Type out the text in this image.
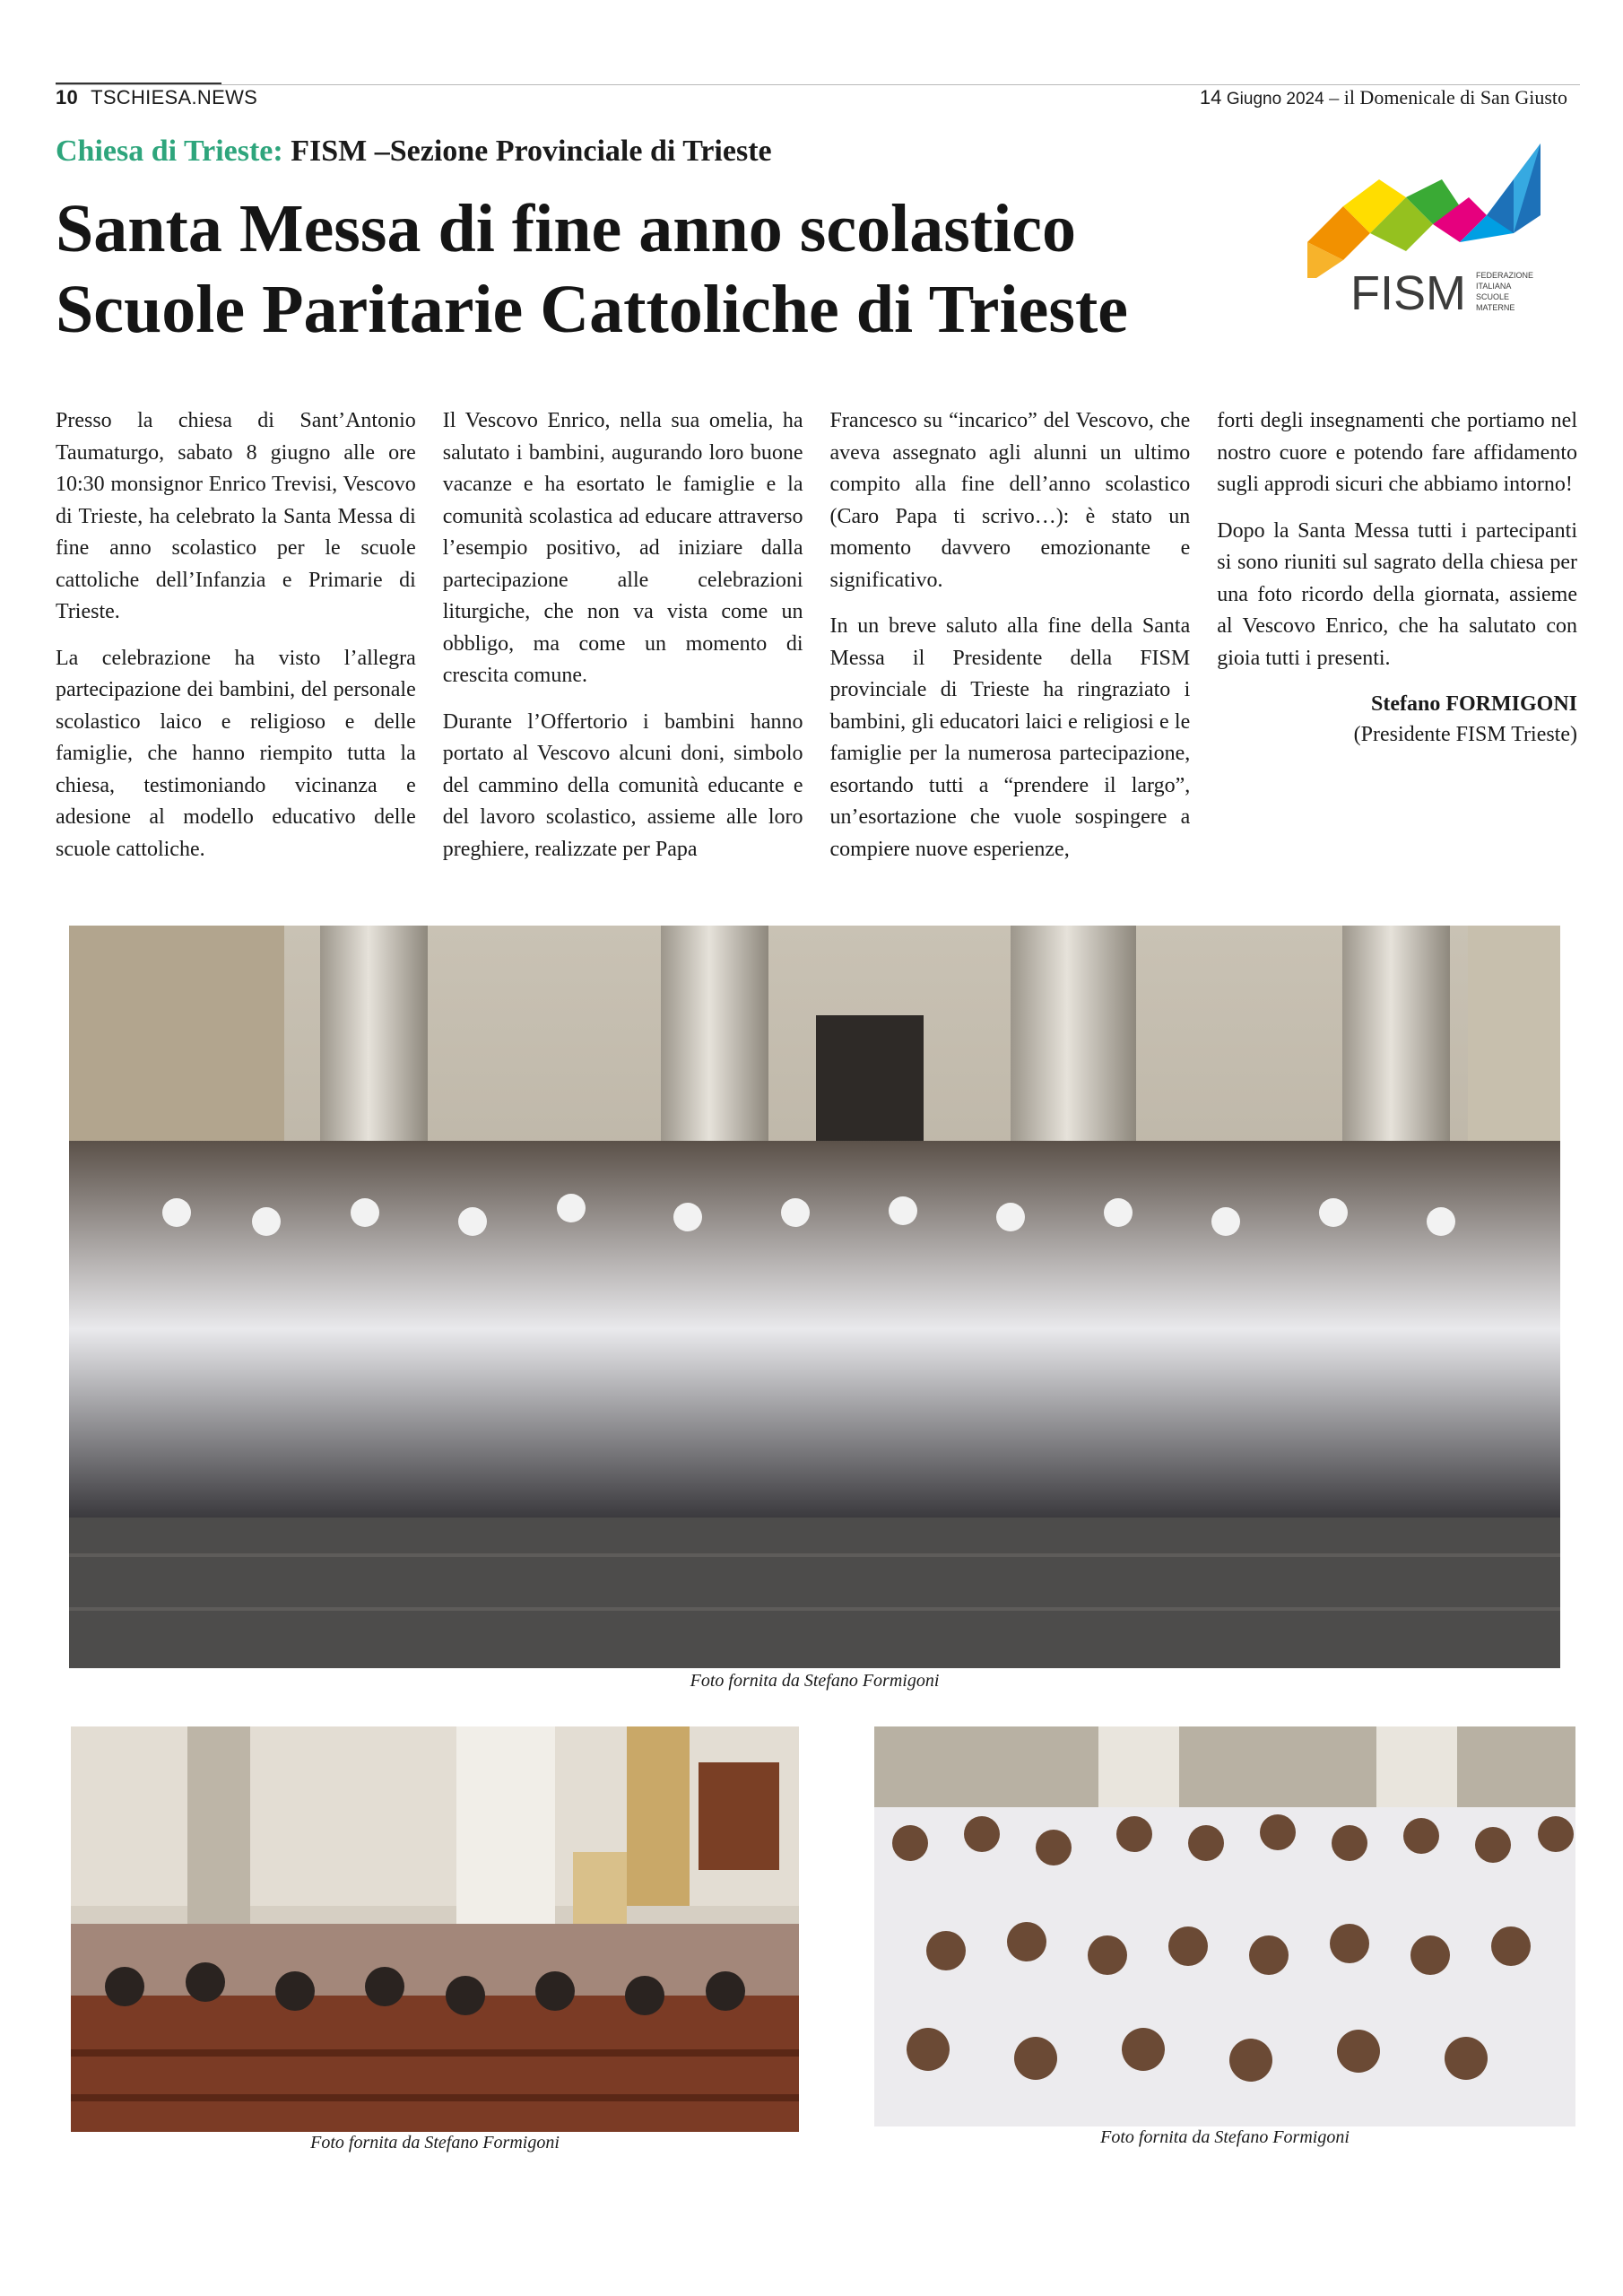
10 TSCHIESA.NEWS	14 Giugno 2024 – il Domenicale di San Giusto
Chiesa di Trieste: FISM –Sezione Provinciale di Trieste
Santa Messa di fine anno scolastico
Scuole Paritarie Cattoliche di Trieste	FISM FEDERAZIONE
ITALIANA
SCUOLE
MATERNE

Presso la chiesa di Sant’Antonio Taumaturgo, sabato 8 giugno alle ore 10:30 monsignor Enrico Trevisi, Vescovo di Trieste, ha celebrato la Santa Messa di fine anno scolastico per le scuole cattoliche dell’Infanzia e Primarie di Trieste.

La celebrazione ha visto l’allegra partecipazione dei bambini, del personale scolastico laico e religioso e delle famiglie, che hanno riempito tutta la chiesa, testimoniando vicinanza e adesione al modello educativo delle scuole cattoliche.

Il Vescovo Enrico, nella sua omelia, ha salutato i bambini, augurando loro buone vacanze e ha esortato le famiglie e la comunità scolastica ad educare attraverso l’esempio positivo, ad iniziare dalla partecipazione alle celebrazioni liturgiche, che non va vista come un obbligo, ma come un momento di crescita comune.

Durante l’Offertorio i bambini hanno portato al Vescovo alcuni doni, simbolo del cammino della comunità educante e del lavoro scolastico, assieme alle loro preghiere, realizzate per Papa

Francesco su “incarico” del Vescovo, che aveva assegnato agli alunni un ultimo compito alla fine dell’anno scolastico (Caro Papa ti scrivo…): è stato un momento davvero emozionante e significativo.

In un breve saluto alla fine della Santa Messa il Presidente della FISM provinciale di Trieste ha ringraziato i bambini, gli educatori laici e religiosi e le famiglie per la numerosa partecipazione, esortando tutti a “prendere il largo”, un’esortazione che vuole sospingere a compiere nuove esperienze,

forti degli insegnamenti che portiamo nel nostro cuore e potendo fare affidamento sugli approdi sicuri che abbiamo intorno!

Dopo la Santa Messa tutti i partecipanti si sono riuniti sul sagrato della chiesa per una foto ricordo della giornata, assieme al Vescovo Enrico, che ha salutato con gioia tutti i presenti.

Stefano FORMIGONI
(Presidente FISM Trieste)
Foto fornita da Stefano Formigoni
Foto fornita da Stefano Formigoni	Foto fornita da Stefano Formigoni
